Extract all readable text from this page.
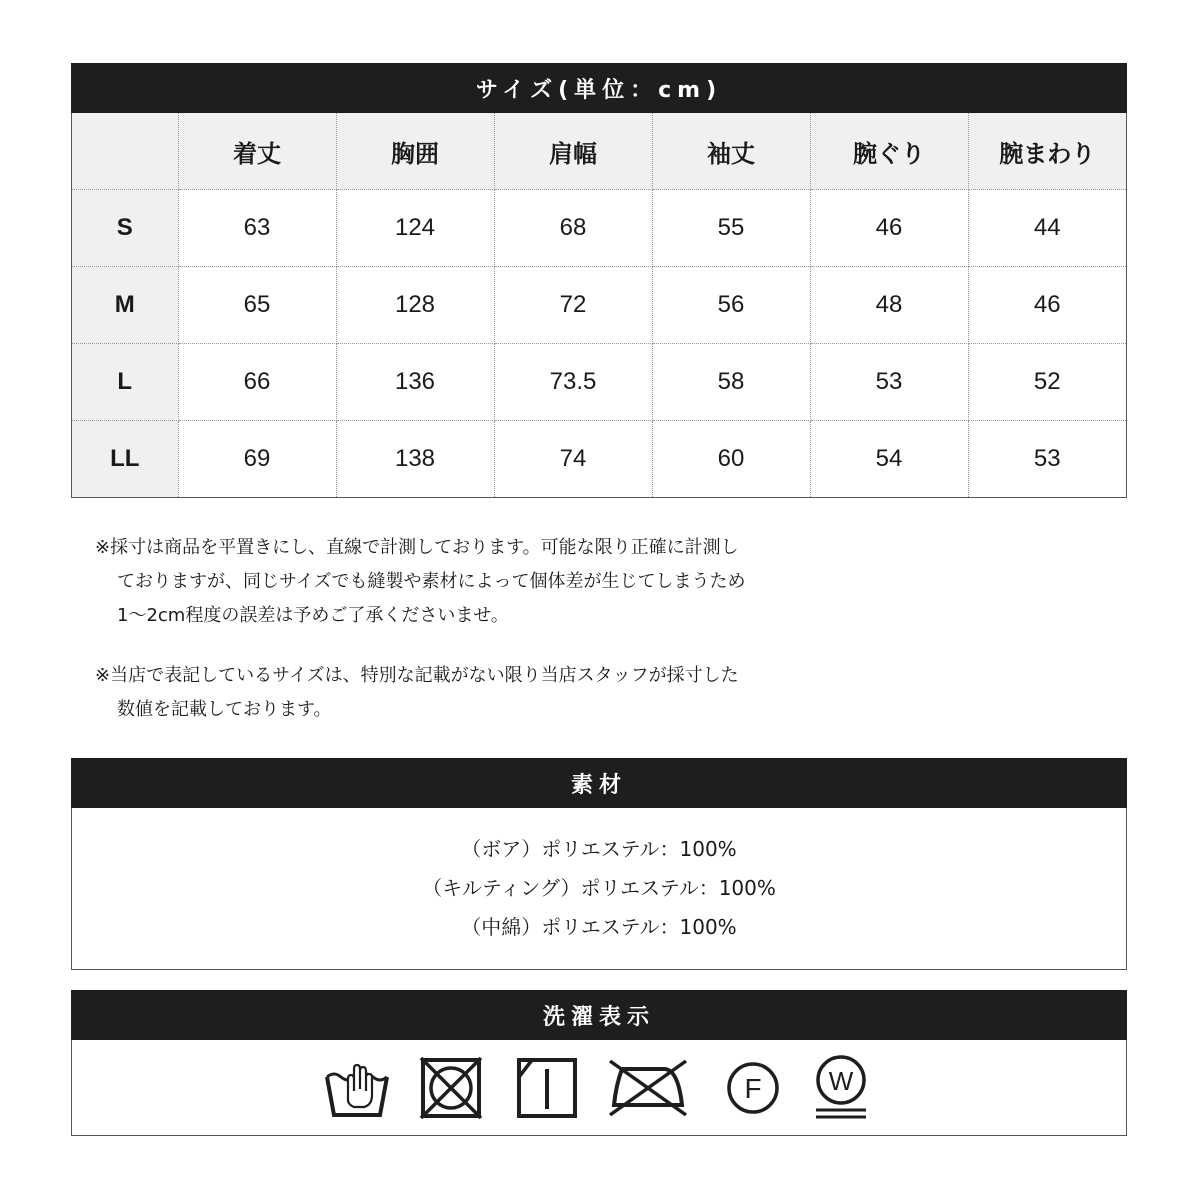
サイズ(単位：cm)
	着丈	胸囲	肩幅	袖丈	腕ぐり	腕まわり
S	63	124	68	55	46	44
M	65	128	72	56	48	46
L	66	136	73.5	58	53	52
LL	69	138	74	60	54	53

※採寸は商品を平置きにし、直線で計測しております。可能な限り正確に計測し

ておりますが、同じサイズでも縫製や素材によって個体差が生じてしまうため

1〜2cm程度の誤差は予めご了承くださいませ。

※当店で表記しているサイズは、特別な記載がない限り当店スタッフが採寸した

数値を記載しております。

素材
（ボア）ポリエステル：100%
（キルティング）ポリエステル：100%
（中綿）ポリエステル：100%
洗濯表示
F	W
